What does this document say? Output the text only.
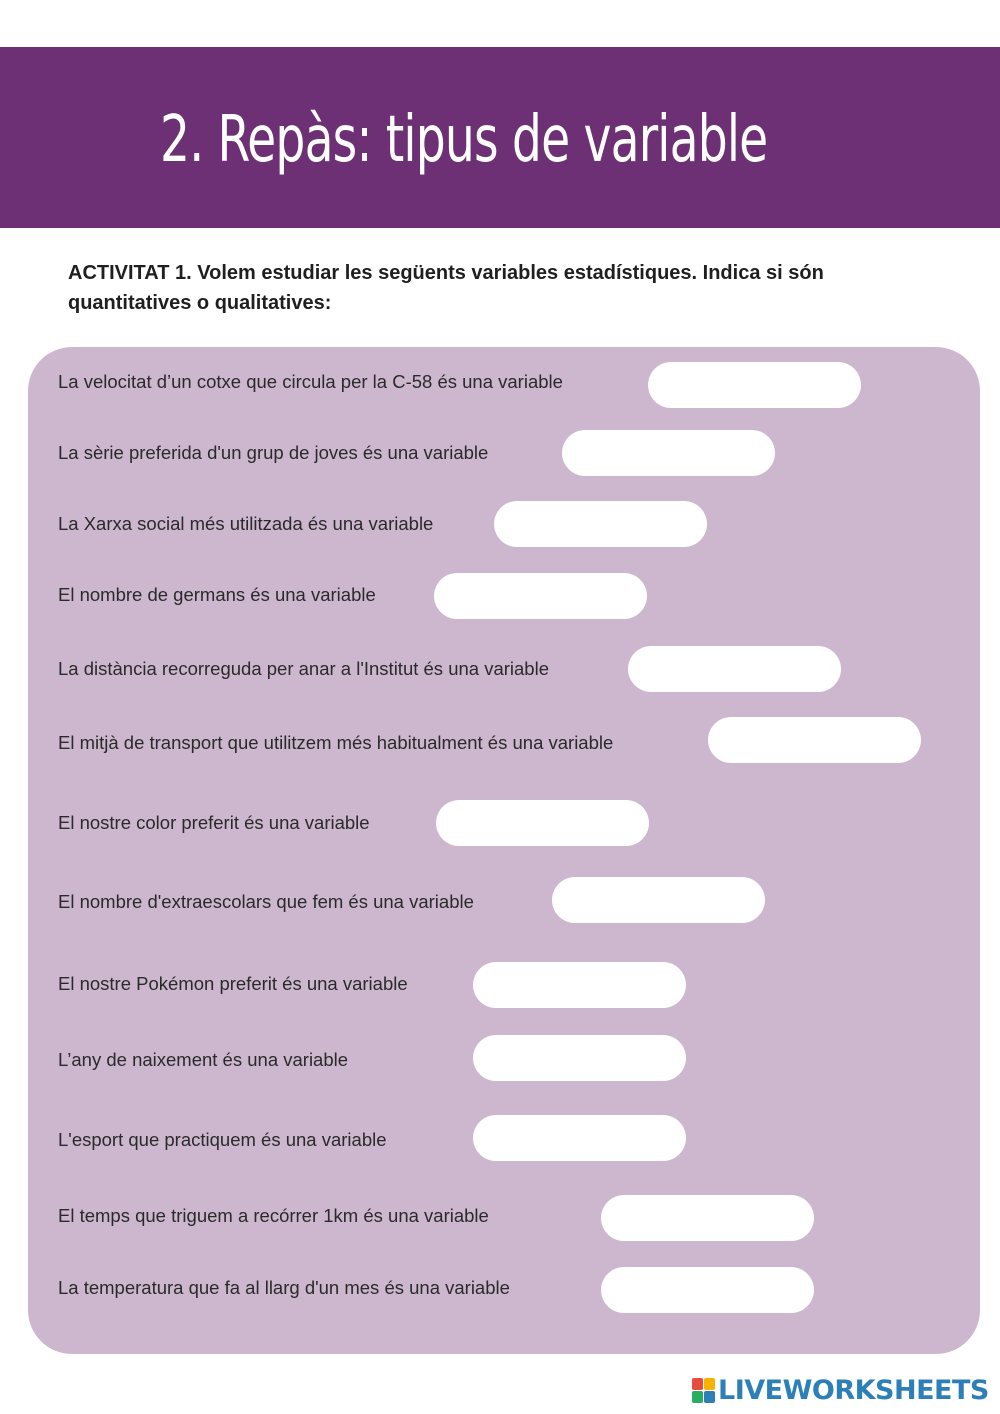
2. Repàs: tipus de variable

ACTIVITAT 1. Volem estudiar les següents variables estadístiques. Indica si són quantitatives o qualitatives:

La velocitat d’un cotxe que circula per la C-58 és una variable
La sèrie preferida d'un grup de joves és una variable
La Xarxa social més utilitzada és una variable
El nombre de germans és una variable
La distància recorreguda per anar a l'Institut és una variable
El mitjà de transport que utilitzem més habitualment és una variable
El nostre color preferit és una variable
El nombre d'extraescolars que fem és una variable
El nostre Pokémon preferit és una variable
L’any de naixement és una variable
L'esport que practiquem és una variable
El temps que triguem a recórrer 1km és una variable
La temperatura que fa al llarg d'un mes és una variable
LIVEWORKSHEETS
